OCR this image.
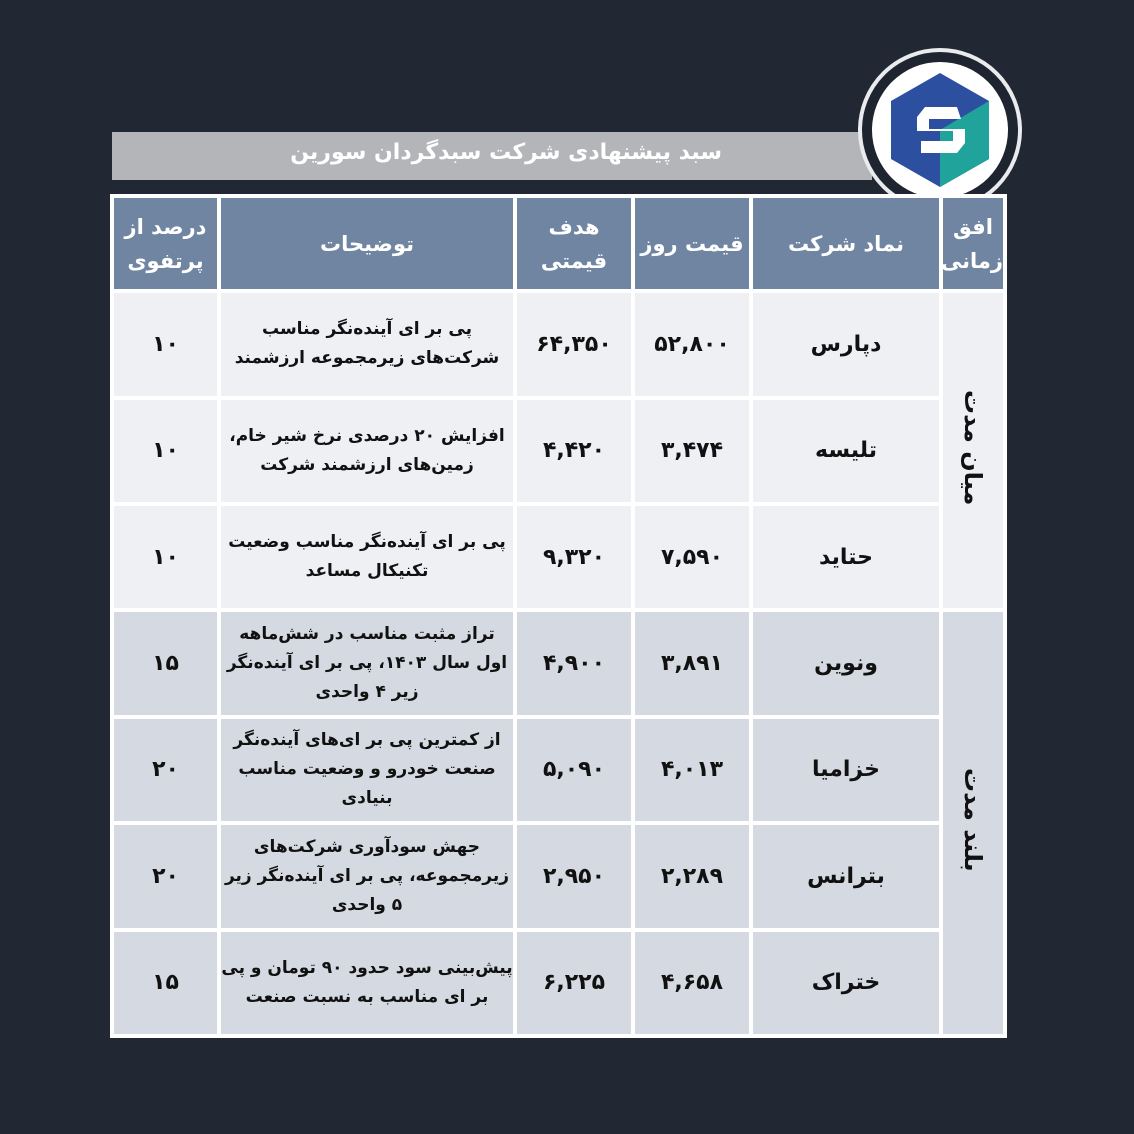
سبد پیشنهادی شرکت سبدگردان سورین
افق زمانی	نماد شرکت	قیمت روز	هدف قیمتی	توضیحات	درصد از پرتفوی
میان مدت	دپارس	۵۲,۸۰۰	۶۴,۳۵۰	پی بر ای آینده‌نگر مناسب شرکت‌های زیرمجموعه ارزشمند	۱۰
	تلیسه	۳,۴۷۴	۴,۴۲۰	افزایش ۲۰ درصدی نرخ شیر خام، زمین‌های ارزشمند شرکت	۱۰
	حتاید	۷,۵۹۰	۹,۳۲۰	پی بر ای آینده‌نگر مناسب وضعیت تکنیکال مساعد	۱۰
بلند مدت	ونوین	۳,۸۹۱	۴,۹۰۰	تراز مثبت مناسب در شش‌ماهه اول سال ۱۴۰۳، پی بر ای آینده‌نگر زیر ۴ واحدی	۱۵
	خزامیا	۴,۰۱۳	۵,۰۹۰	از کمترین پی بر ای‌های آینده‌نگر صنعت خودرو و وضعیت مناسب بنیادی	۲۰
	بترانس	۲,۲۸۹	۲,۹۵۰	جهش سودآوری شرکت‌های زیرمجموعه، پی بر ای آینده‌نگر زیر ۵ واحدی	۲۰
	ختراک	۴,۶۵۸	۶,۲۲۵	پیش‌بینی سود حدود ۹۰ تومان و پی بر ای مناسب به نسبت صنعت	۱۵
